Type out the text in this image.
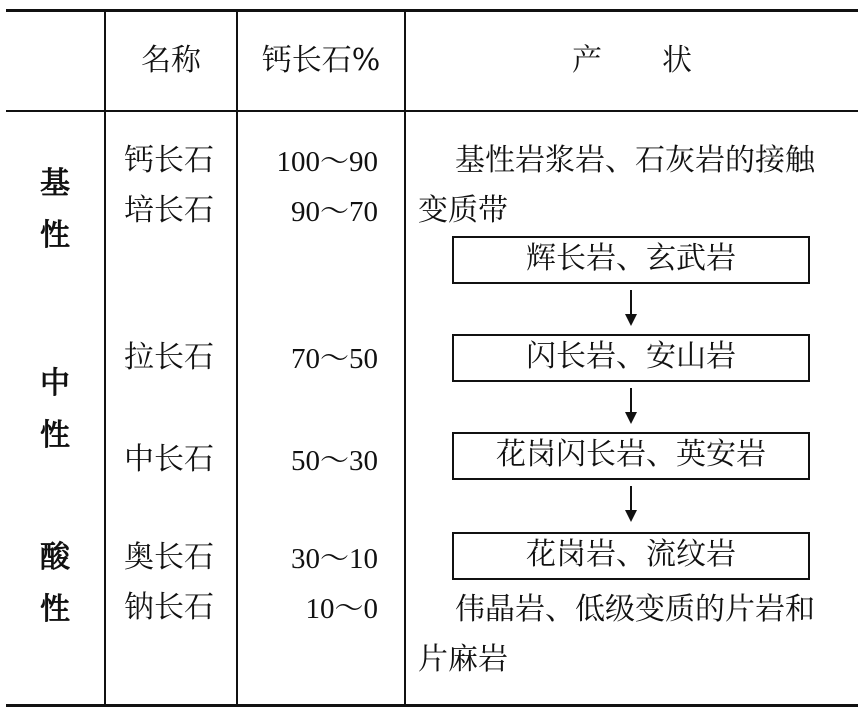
名称	钙长石%	产　　状
基
性
中
性
酸
性
钙长石
培长石
拉长石
中长石
奥长石
钠长石
100～90
90～70
70～50
50～30
30～10
10～0
基性岩浆岩、石灰岩的接触
变质带
辉长岩、玄武岩
闪长岩、安山岩
花岗闪长岩、英安岩
花岗岩、流纹岩
伟晶岩、低级变质的片岩和
片麻岩
